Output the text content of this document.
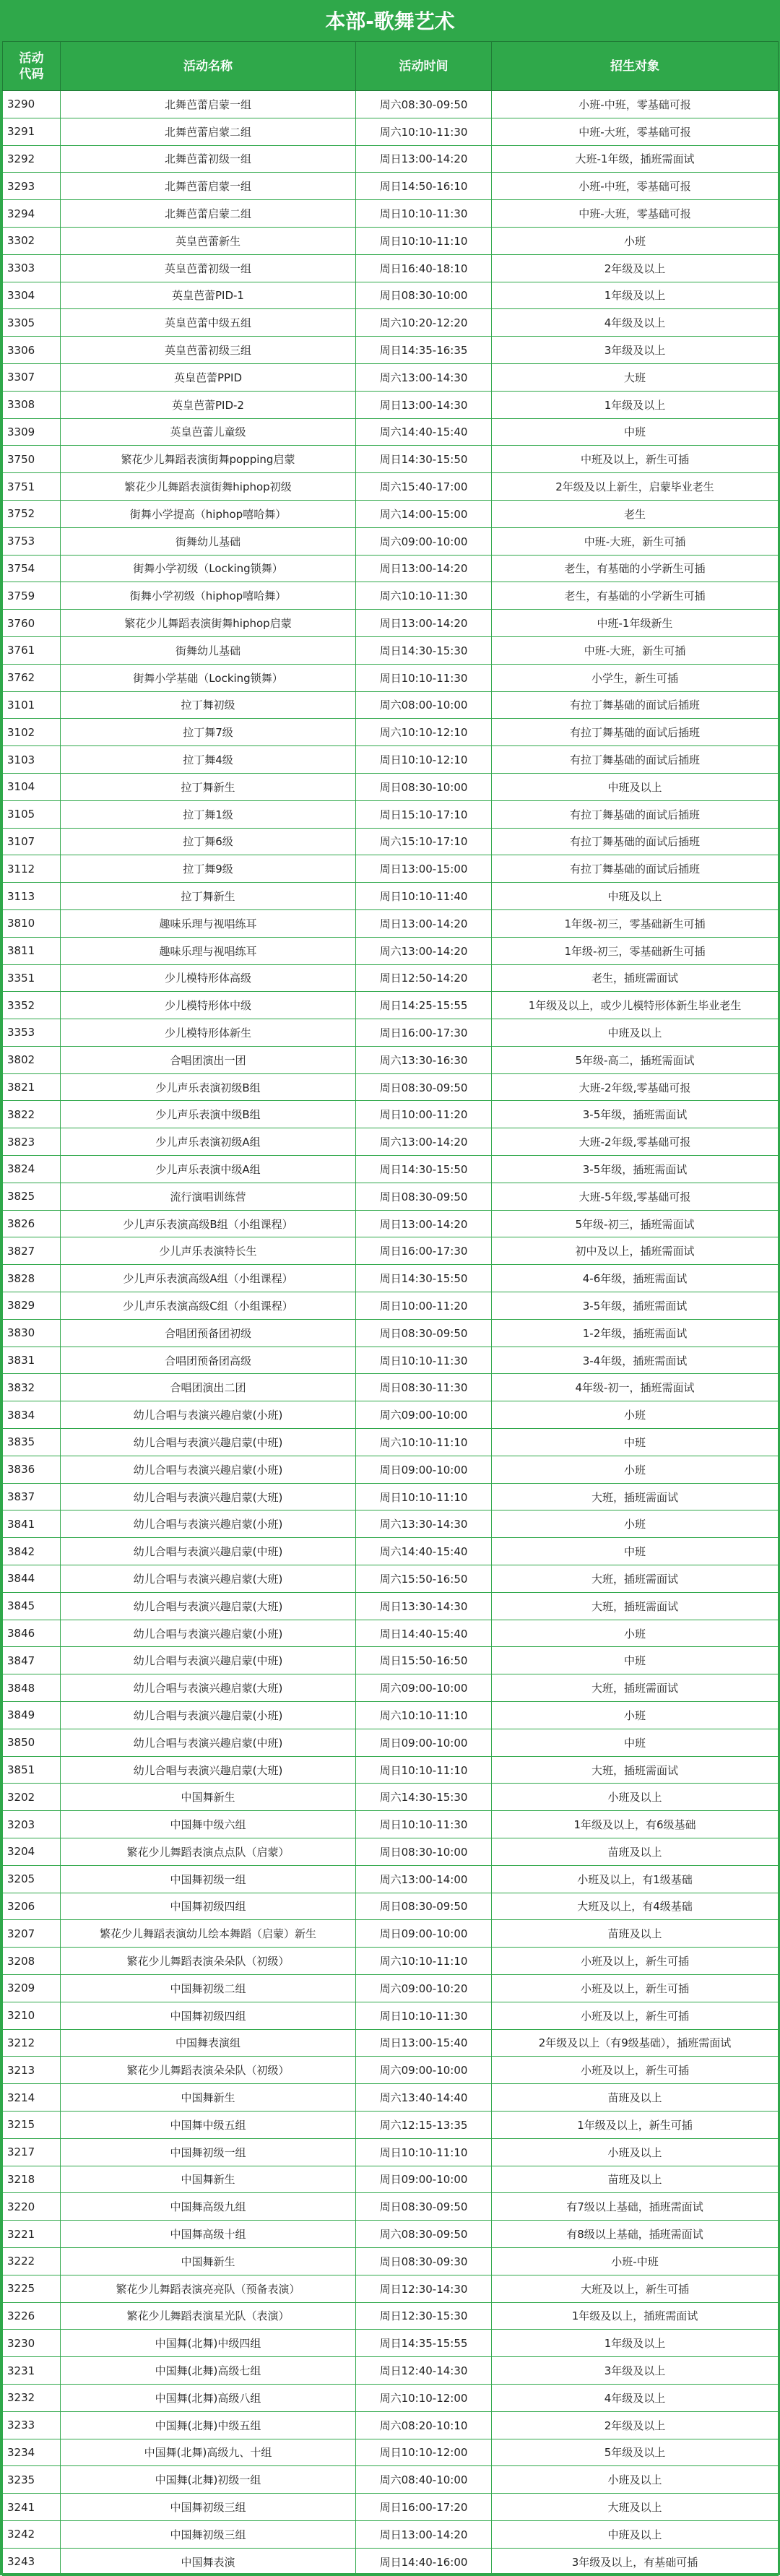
本部-歌舞艺术
活动
代码	活动名称	活动时间	招生对象
3290	北舞芭蕾启蒙一组	周六08:30-09:50	小班-中班，零基础可报
3291	北舞芭蕾启蒙二组	周六10:10-11:30	中班-大班，零基础可报
3292	北舞芭蕾初级一组	周日13:00-14:20	大班-1年级，插班需面试
3293	北舞芭蕾启蒙一组	周日14:50-16:10	小班-中班，零基础可报
3294	北舞芭蕾启蒙二组	周日10:10-11:30	中班-大班，零基础可报
3302	英皇芭蕾新生	周日10:10-11:10	小班
3303	英皇芭蕾初级一组	周日16:40-18:10	2年级及以上
3304	英皇芭蕾PID-1	周日08:30-10:00	1年级及以上
3305	英皇芭蕾中级五组	周六10:20-12:20	4年级及以上
3306	英皇芭蕾初级三组	周日14:35-16:35	3年级及以上
3307	英皇芭蕾PPID	周六13:00-14:30	大班
3308	英皇芭蕾PID-2	周日13:00-14:30	1年级及以上
3309	英皇芭蕾儿童级	周六14:40-15:40	中班
3750	繁花少儿舞蹈表演街舞popping启蒙	周日14:30-15:50	中班及以上，新生可插
3751	繁花少儿舞蹈表演街舞hiphop初级	周六15:40-17:00	2年级及以上新生，启蒙毕业老生
3752	街舞小学提高（hiphop嘻哈舞）	周六14:00-15:00	老生
3753	街舞幼儿基础	周六09:00-10:00	中班-大班，新生可插
3754	街舞小学初级（Locking锁舞）	周日13:00-14:20	老生，有基础的小学新生可插
3759	街舞小学初级（hiphop嘻哈舞）	周六10:10-11:30	老生，有基础的小学新生可插
3760	繁花少儿舞蹈表演街舞hiphop启蒙	周日13:00-14:20	中班-1年级新生
3761	街舞幼儿基础	周日14:30-15:30	中班-大班，新生可插
3762	街舞小学基础（Locking锁舞）	周日10:10-11:30	小学生，新生可插
3101	拉丁舞初级	周六08:00-10:00	有拉丁舞基础的面试后插班
3102	拉丁舞7级	周六10:10-12:10	有拉丁舞基础的面试后插班
3103	拉丁舞4级	周日10:10-12:10	有拉丁舞基础的面试后插班
3104	拉丁舞新生	周日08:30-10:00	中班及以上
3105	拉丁舞1级	周日15:10-17:10	有拉丁舞基础的面试后插班
3107	拉丁舞6级	周六15:10-17:10	有拉丁舞基础的面试后插班
3112	拉丁舞9级	周日13:00-15:00	有拉丁舞基础的面试后插班
3113	拉丁舞新生	周日10:10-11:40	中班及以上
3810	趣味乐理与视唱练耳	周日13:00-14:20	1年级-初三，零基础新生可插
3811	趣味乐理与视唱练耳	周六13:00-14:20	1年级-初三，零基础新生可插
3351	少儿模特形体高级	周日12:50-14:20	老生，插班需面试
3352	少儿模特形体中级	周日14:25-15:55	1年级及以上，或少儿模特形体新生毕业老生
3353	少儿模特形体新生	周日16:00-17:30	中班及以上
3802	合唱团演出一团	周六13:30-16:30	5年级-高二，插班需面试
3821	少儿声乐表演初级B组	周日08:30-09:50	大班-2年级,零基础可报
3822	少儿声乐表演中级B组	周日10:00-11:20	3-5年级，插班需面试
3823	少儿声乐表演初级A组	周六13:00-14:20	大班-2年级,零基础可报
3824	少儿声乐表演中级A组	周日14:30-15:50	3-5年级，插班需面试
3825	流行演唱训练营	周日08:30-09:50	大班-5年级,零基础可报
3826	少儿声乐表演高级B组（小组课程）	周日13:00-14:20	5年级-初三，插班需面试
3827	少儿声乐表演特长生	周日16:00-17:30	初中及以上，插班需面试
3828	少儿声乐表演高级A组（小组课程）	周日14:30-15:50	4-6年级，插班需面试
3829	少儿声乐表演高级C组（小组课程）	周日10:00-11:20	3-5年级，插班需面试
3830	合唱团预备团初级	周日08:30-09:50	1-2年级，插班需面试
3831	合唱团预备团高级	周日10:10-11:30	3-4年级，插班需面试
3832	合唱团演出二团	周日08:30-11:30	4年级-初一，插班需面试
3834	幼儿合唱与表演兴趣启蒙(小班)	周六09:00-10:00	小班
3835	幼儿合唱与表演兴趣启蒙(中班)	周六10:10-11:10	中班
3836	幼儿合唱与表演兴趣启蒙(小班)	周日09:00-10:00	小班
3837	幼儿合唱与表演兴趣启蒙(大班)	周日10:10-11:10	大班，插班需面试
3841	幼儿合唱与表演兴趣启蒙(小班)	周六13:30-14:30	小班
3842	幼儿合唱与表演兴趣启蒙(中班)	周六14:40-15:40	中班
3844	幼儿合唱与表演兴趣启蒙(大班)	周六15:50-16:50	大班，插班需面试
3845	幼儿合唱与表演兴趣启蒙(大班)	周日13:30-14:30	大班，插班需面试
3846	幼儿合唱与表演兴趣启蒙(小班)	周日14:40-15:40	小班
3847	幼儿合唱与表演兴趣启蒙(中班)	周日15:50-16:50	中班
3848	幼儿合唱与表演兴趣启蒙(大班)	周六09:00-10:00	大班，插班需面试
3849	幼儿合唱与表演兴趣启蒙(小班)	周六10:10-11:10	小班
3850	幼儿合唱与表演兴趣启蒙(中班)	周日09:00-10:00	中班
3851	幼儿合唱与表演兴趣启蒙(大班)	周日10:10-11:10	大班，插班需面试
3202	中国舞新生	周六14:30-15:30	小班及以上
3203	中国舞中级六组	周日10:10-11:30	1年级及以上，有6级基础
3204	繁花少儿舞蹈表演点点队（启蒙）	周日08:30-10:00	苗班及以上
3205	中国舞初级一组	周六13:00-14:00	小班及以上，有1级基础
3206	中国舞初级四组	周日08:30-09:50	大班及以上，有4级基础
3207	繁花少儿舞蹈表演幼儿绘本舞蹈（启蒙）新生	周日09:00-10:00	苗班及以上
3208	繁花少儿舞蹈表演朵朵队（初级）	周六10:10-11:10	小班及以上，新生可插
3209	中国舞初级二组	周六09:00-10:20	小班及以上，新生可插
3210	中国舞初级四组	周日10:10-11:30	小班及以上，新生可插
3212	中国舞表演组	周日13:00-15:40	2年级及以上（有9级基础），插班需面试
3213	繁花少儿舞蹈表演朵朵队（初级）	周六09:00-10:00	小班及以上，新生可插
3214	中国舞新生	周六13:40-14:40	苗班及以上
3215	中国舞中级五组	周六12:15-13:35	1年级及以上，新生可插
3217	中国舞初级一组	周日10:10-11:10	小班及以上
3218	中国舞新生	周日09:00-10:00	苗班及以上
3220	中国舞高级九组	周日08:30-09:50	有7级以上基础，插班需面试
3221	中国舞高级十组	周六08:30-09:50	有8级以上基础，插班需面试
3222	中国舞新生	周日08:30-09:30	小班-中班
3225	繁花少儿舞蹈表演亮亮队（预备表演）	周日12:30-14:30	大班及以上，新生可插
3226	繁花少儿舞蹈表演星光队（表演）	周日12:30-15:30	1年级及以上，插班需面试
3230	中国舞(北舞)中级四组	周日14:35-15:55	1年级及以上
3231	中国舞(北舞)高级七组	周日12:40-14:30	3年级及以上
3232	中国舞(北舞)高级八组	周六10:10-12:00	4年级及以上
3233	中国舞(北舞)中级五组	周六08:20-10:10	2年级及以上
3234	中国舞(北舞)高级九、十组	周日10:10-12:00	5年级及以上
3235	中国舞(北舞)初级一组	周六08:40-10:00	小班及以上
3241	中国舞初级三组	周日16:00-17:20	大班及以上
3242	中国舞初级三组	周日13:00-14:20	中班及以上
3243	中国舞表演	周日14:40-16:00	3年级及以上，有基础可插
